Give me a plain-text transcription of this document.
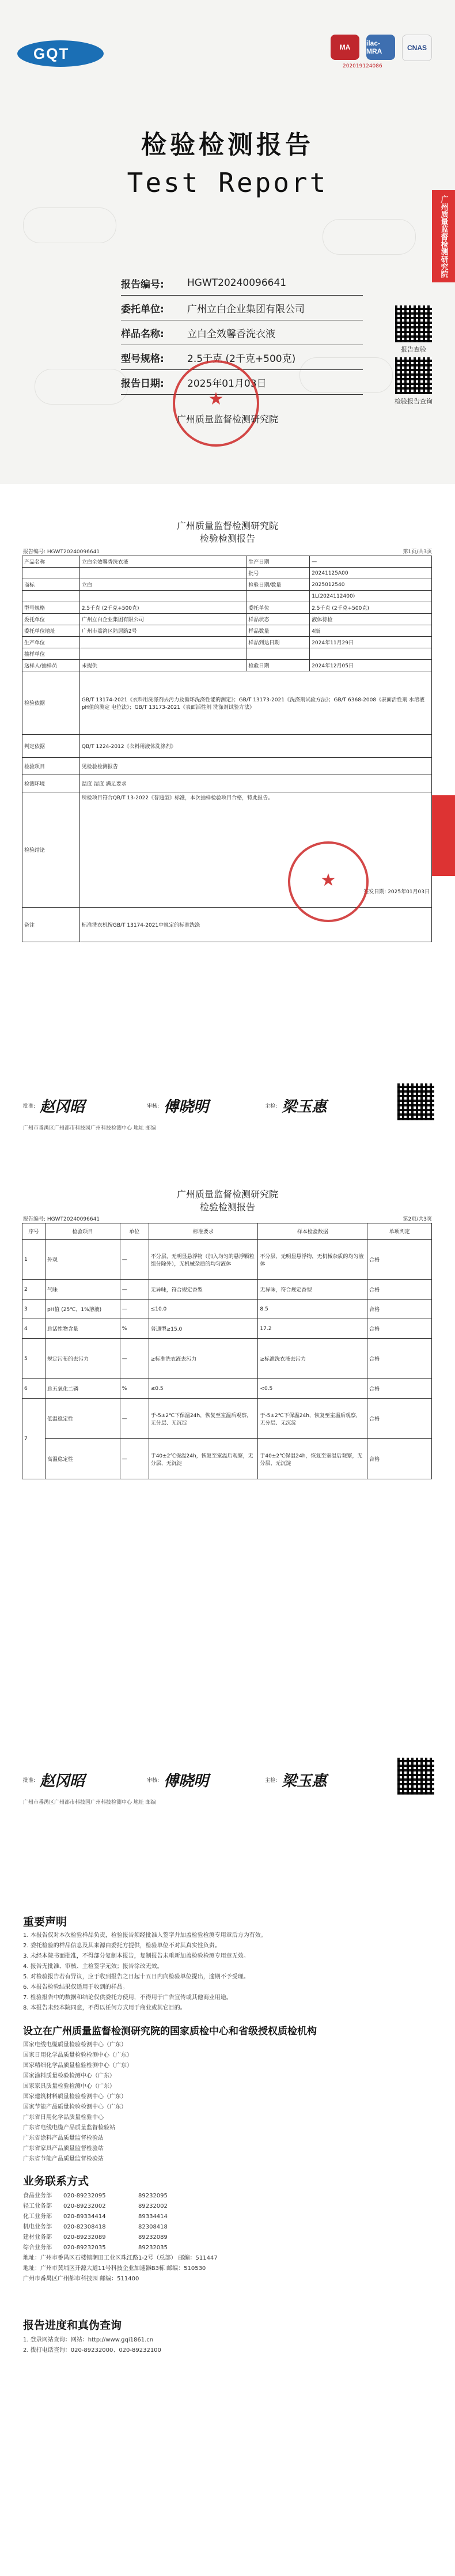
GQT	MA	ilac-MRA	CNAS
202019124086
检验检测报告
Test Report
广州质量监督检测研究院
报告编号:	HGWT20240096641
委托单位:	广州立白企业集团有限公司
样品名称:	立白全效馨香洗衣液
型号规格:	2.5千克 (2千克+500克)
报告日期:	2025年01月03日
报告查验
检验报告查询
★
广州质量监督检测研究院
广州质量监督检测研究院
检验检测报告
报告编号: HGWT20240096641	第1页/共3页
产品名称	立白全效馨香洗衣液	生产日期	—
		批号	20241125A00
商标	立白	检验日期/数量	2025012540
			1L(2024112400)
型号规格	2.5千克 (2千克+500克)	委托单位	2.5千克 (2千克+500克)
委托单位	广州立白企业集团有限公司	样品状态	液体待检
委托单位地址	广州市荔湾区陆居路2号	样品数量	4瓶
生产单位		样品到达日期	2024年11月29日
抽样单位			
送样人/抽样员	未提供	检验日期	2024年12月05日
检验依据	GB/T 13174-2021《衣料用洗涤剂去污力及循环洗涤性能的测定》；GB/T 13173-2021《洗涤剂试验方法》；GB/T 6368-2008《表面活性剂 水溶液pH值的测定 电位法》；GB/T 13173-2021《表面活性剂 洗涤剂试验方法》		
判定依据	QB/T 1224-2012《衣料用液体洗涤剂》		
检验项目	见检验检测报告		
检测环境	温度 湿度 满足要求		
检验结论	所检项目符合QB/T 13-2022《普通型》标准，本次抽样检验项目合格，特此报告。
签发日期: 2025年01月03日		

备注	标准洗衣机按GB/T 13174-2021中规定的标准洗涤		
★
批准: 赵冈昭	审核: 傅晓明	主检: 梁玉惠
广州市番禺区广州都市科技园广州科技检测中心 地址 邮编
广州质量监督检测研究院
检验检测报告
报告编号: HGWT20240096641	第2页/共3页
序号	检验项目	单位	标准要求	样本检验数据	单项判定
1	外观	—	不分层，无明显悬浮物（加入均匀的悬浮颗粒组分除外），无机械杂质的均匀液体	不分层，无明显悬浮物，无机械杂质的均匀液体	合格
2	气味	—	无异味，符合规定香型	无异味，符合规定香型	合格
3	pH值 (25℃，1%溶液)	—	≤10.0	8.5	合格
4	总活性物含量	%	普通型≥15.0	17.2	合格
5	规定污布的去污力	—	≥标准洗衣液去污力	≥标准洗衣液去污力	合格
6	总五氧化二磷	%	≤0.5	<0.5	合格
7	低温稳定性	—	于-5±2℃下保温24h，恢复至室温后观察，无分层、无沉淀	于-5±2℃下保温24h，恢复至室温后观察，无分层、无沉淀	合格
	高温稳定性	—	于40±2℃保温24h，恢复至室温后观察，无分层、无沉淀	于40±2℃保温24h，恢复至室温后观察，无分层、无沉淀	合格
批准: 赵冈昭	审核: 傅晓明	主检: 梁玉惠
广州市番禺区广州都市科技园广州科技检测中心 地址 邮编
重要声明
1. 本报告仅对本次检验样品负责，检验报告须经批准人签字并加盖检验检测专用章后方为有效。
2. 委托检验的样品信息及其来源由委托方提供，检验单位不对其真实性负责。
3. 未经本院书面批准，不得部分复制本报告，复制报告未重新加盖检验检测专用章无效。
4. 报告无批准、审核、主检签字无效；报告涂改无效。
5. 对检验报告若有异议，应于收到报告之日起十五日内向检验单位提出，逾期不予受理。
6. 本报告检验结果仅适用于收到的样品。
7. 检验报告中的数据和结论仅供委托方使用，不得用于广告宣传或其他商业用途。
8. 本报告未经本院同意，不得以任何方式用于商业或其它目的。
设立在广州质量监督检测研究院的国家质检中心和省级授权质检机构
国家电线电缆质量检验检测中心（广东）
国家日用化学品质量检验检测中心（广东）
国家精细化学品质量检验检测中心（广东）
国家涂料质量检验检测中心（广东）
国家家具质量检验检测中心（广东）
国家建筑材料质量检验检测中心（广东）
国家节能产品质量检验检测中心（广东）
广东省日用化学品质量检验中心
广东省电线电缆产品质量监督检验站
广东省涂料产品质量监督检验站
广东省家具产品质量监督检验站
广东省节能产品质量监督检验站
业务联系方式
食品业务部	020-89232095	89232095
轻工业务部	020-89232002	89232002
化工业务部	020-89334414	89334414
机电业务部	020-82308418	82308418
建材业务部	020-89232089	89232089
综合业务部	020-89232035	89232035
地址：广州市番禺区石楼镇潮田工业区珠江路1-2号（总部） 邮编：511447
地址：广州市黄埔区开源大道11号科技企业加速器B3栋 邮编：510530
广州市番禺区广州都市科技园 邮编：511400
报告进度和真伪查询
1. 登录网站查询：网站：http://www.gqi1861.cn
2. 拨打电话查询：020-89232000、020-89232100
